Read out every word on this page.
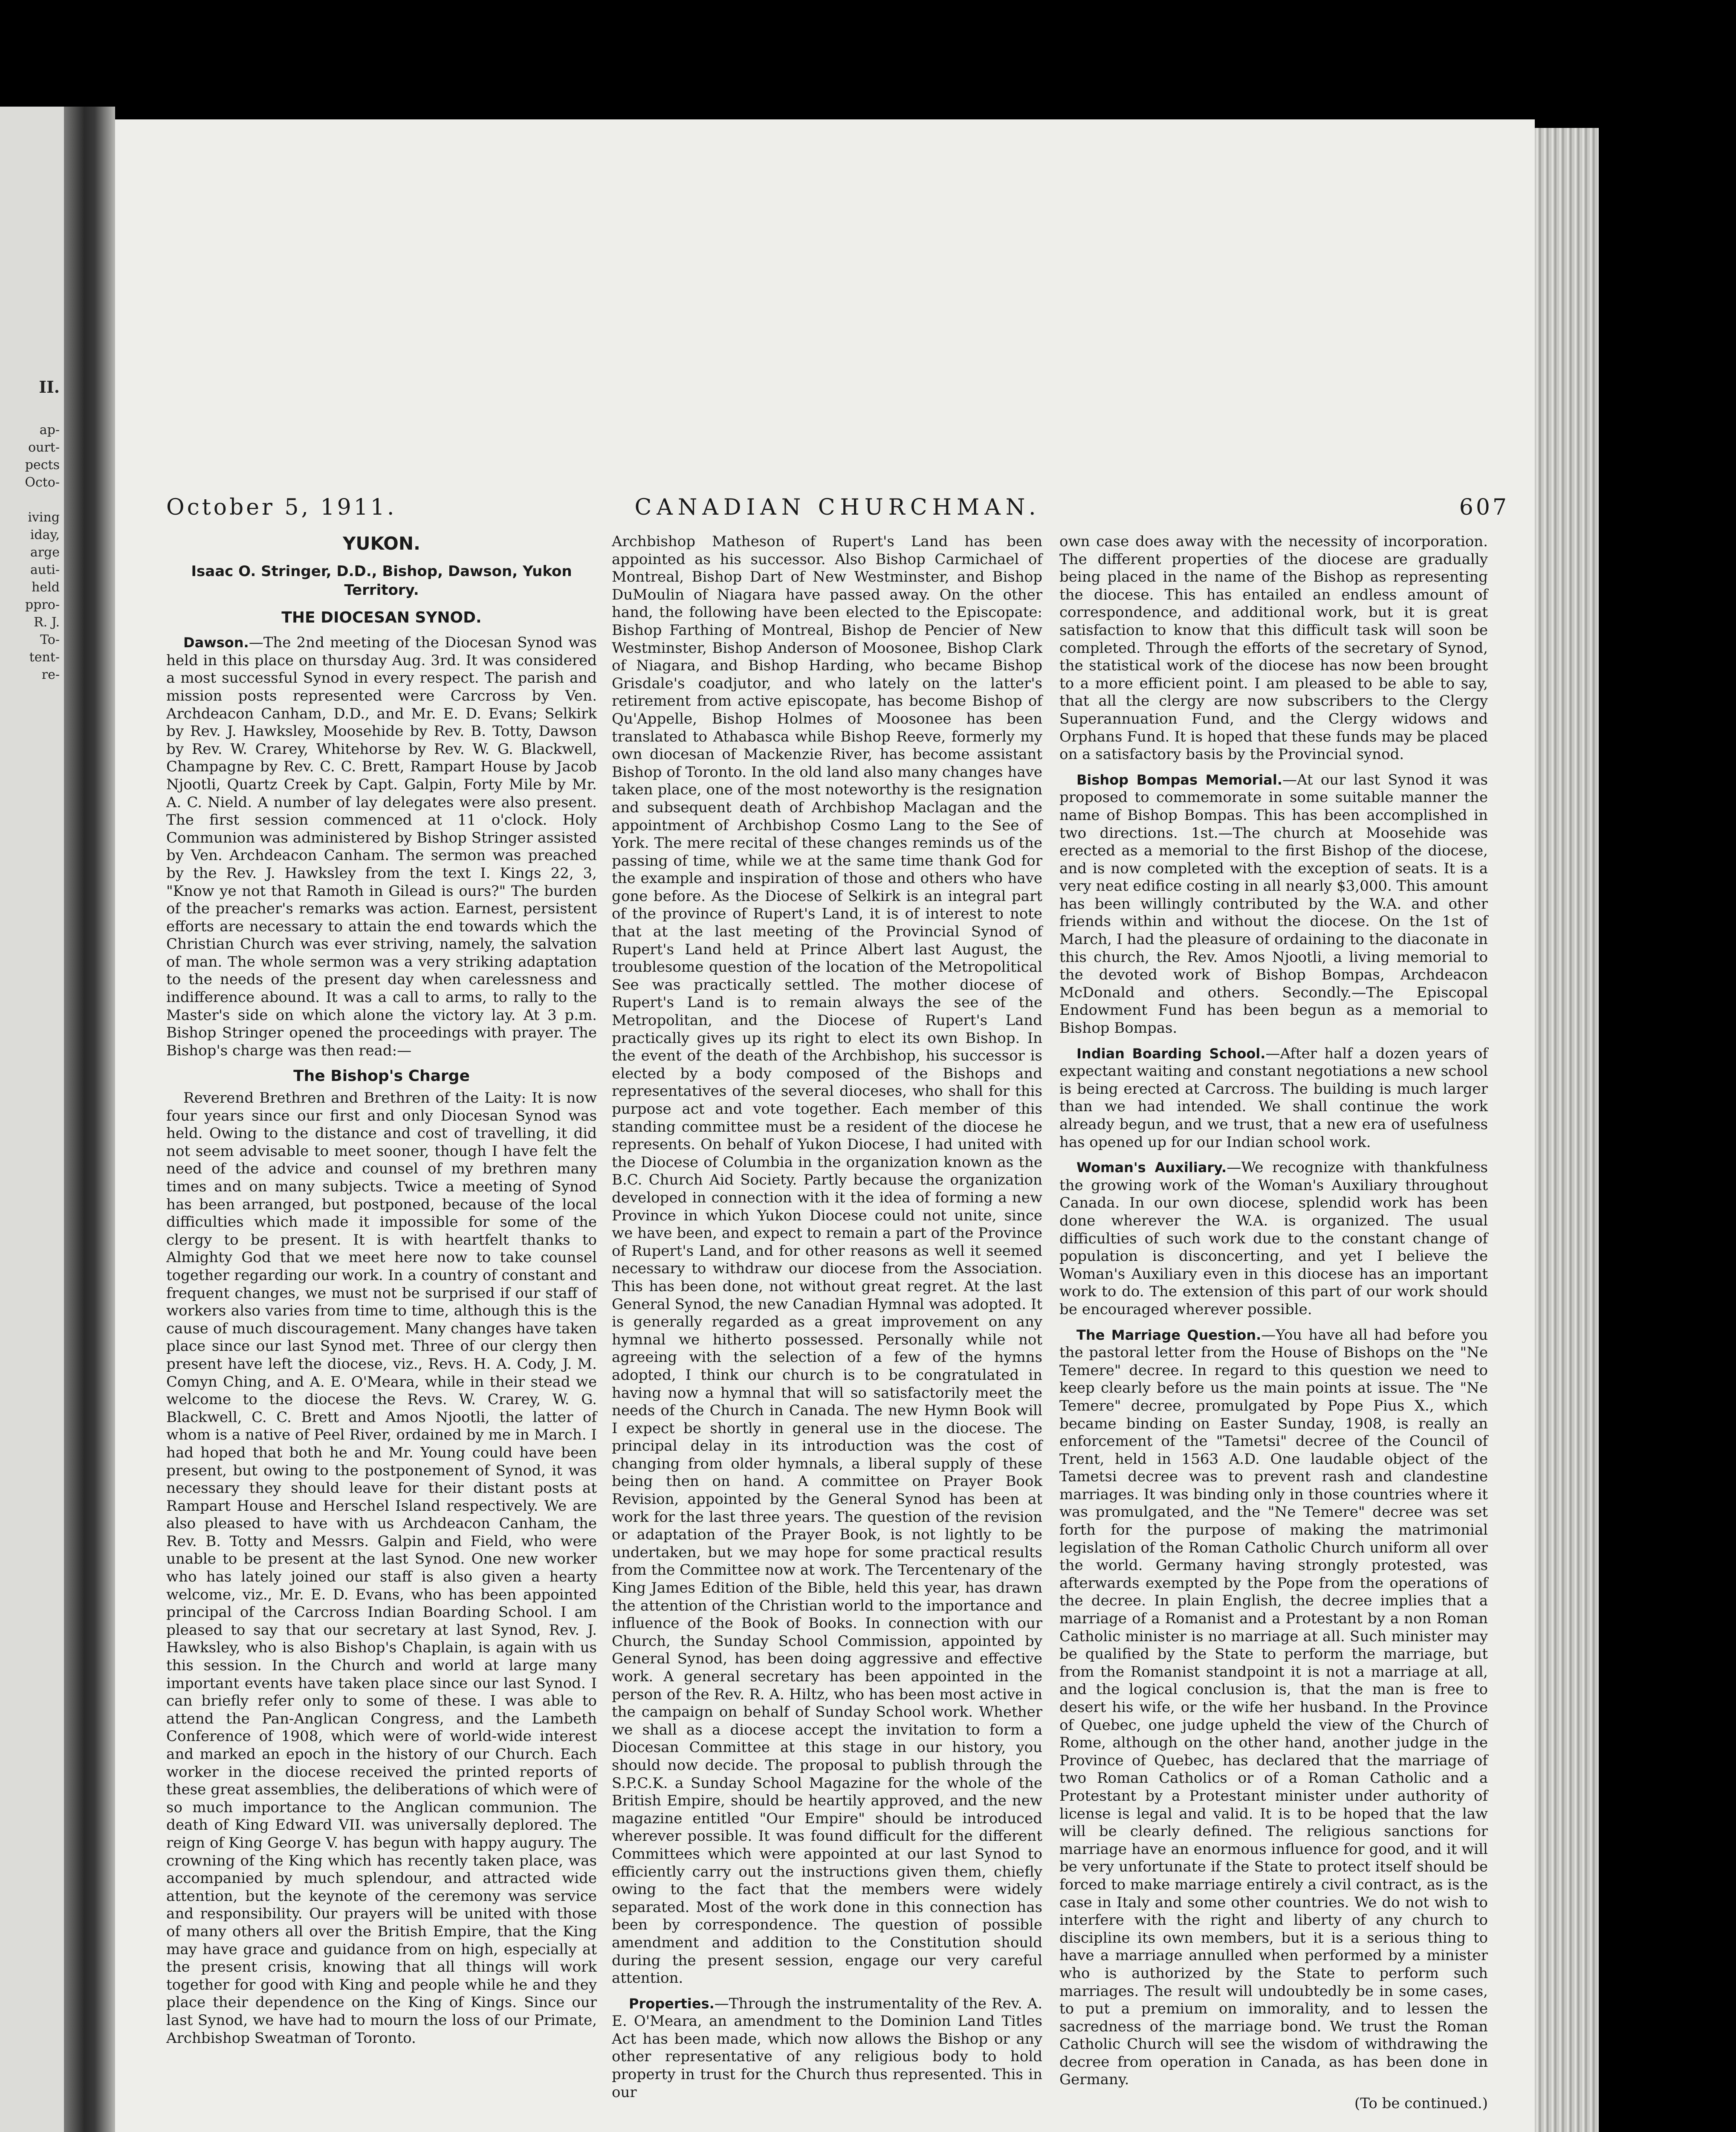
II.
ap-
ourt-
pects
Octo-
iving
iday,
arge
auti-
held
ppro-
R. J.
To-
tent-
re-
October 5, 1911.	CANADIAN CHURCHMAN.	607
YUKON.
Isaac O. Stringer, D.D., Bishop, Dawson, Yukon Territory.
THE DIOCESAN SYNOD.

Dawson.—The 2nd meeting of the Diocesan Synod was held in this place on thursday Aug. 3rd. It was considered a most successful Synod in every respect. The parish and mission posts represented were Carcross by Ven. Archdeacon Canham, D.D., and Mr. E. D. Evans; Selkirk by Rev. J. Hawksley, Moosehide by Rev. B. Totty, Dawson by Rev. W. Crarey, Whitehorse by Rev. W. G. Blackwell, Champagne by Rev. C. C. Brett, Rampart House by Jacob Njootli, Quartz Creek by Capt. Galpin, Forty Mile by Mr. A. C. Nield. A number of lay delegates were also present. The first session commenced at 11 o'clock. Holy Communion was administered by Bishop Stringer assisted by Ven. Archdeacon Canham. The sermon was preached by the Rev. J. Hawksley from the text I. Kings 22, 3, "Know ye not that Ramoth in Gilead is ours?" The burden of the preacher's remarks was action. Earnest, persistent efforts are necessary to attain the end towards which the Christian Church was ever striving, namely, the salvation of man. The whole sermon was a very striking adaptation to the needs of the present day when carelessness and indifference abound. It was a call to arms, to rally to the Master's side on which alone the victory lay. At 3 p.m. Bishop Stringer opened the proceedings with prayer. The Bishop's charge was then read:—

The Bishop's Charge

Reverend Brethren and Brethren of the Laity: It is now four years since our first and only Diocesan Synod was held. Owing to the distance and cost of travelling, it did not seem advisable to meet sooner, though I have felt the need of the advice and counsel of my brethren many times and on many subjects. Twice a meeting of Synod has been arranged, but postponed, because of the local difficulties which made it impossible for some of the clergy to be present. It is with heartfelt thanks to Almighty God that we meet here now to take counsel together regarding our work. In a country of constant and frequent changes, we must not be surprised if our staff of workers also varies from time to time, although this is the cause of much discouragement. Many changes have taken place since our last Synod met. Three of our clergy then present have left the diocese, viz., Revs. H. A. Cody, J. M. Comyn Ching, and A. E. O'Meara, while in their stead we welcome to the diocese the Revs. W. Crarey, W. G. Blackwell, C. C. Brett and Amos Njootli, the latter of whom is a native of Peel River, ordained by me in March. I had hoped that both he and Mr. Young could have been present, but owing to the postponement of Synod, it was necessary they should leave for their distant posts at Rampart House and Herschel Island respectively. We are also pleased to have with us Archdeacon Canham, the Rev. B. Totty and Messrs. Galpin and Field, who were unable to be present at the last Synod. One new worker who has lately joined our staff is also given a hearty welcome, viz., Mr. E. D. Evans, who has been appointed principal of the Carcross Indian Boarding School. I am pleased to say that our secretary at last Synod, Rev. J. Hawksley, who is also Bishop's Chaplain, is again with us this session. In the Church and world at large many important events have taken place since our last Synod. I can briefly refer only to some of these. I was able to attend the Pan-Anglican Congress, and the Lambeth Conference of 1908, which were of world-wide interest and marked an epoch in the history of our Church. Each worker in the diocese received the printed reports of these great assemblies, the deliberations of which were of so much importance to the Anglican communion. The death of King Edward VII. was universally deplored. The reign of King George V. has begun with happy augury. The crowning of the King which has recently taken place, was accompanied by much splendour, and attracted wide attention, but the keynote of the ceremony was service and responsibility. Our prayers will be united with those of many others all over the British Empire, that the King may have grace and guidance from on high, especially at the present crisis, knowing that all things will work together for good with King and people while he and they place their dependence on the King of Kings. Since our last Synod, we have had to mourn the loss of our Primate, Archbishop Sweatman of Toronto.

Archbishop Matheson of Rupert's Land has been appointed as his successor. Also Bishop Carmichael of Montreal, Bishop Dart of New Westminster, and Bishop DuMoulin of Niagara have passed away. On the other hand, the following have been elected to the Episcopate: Bishop Farthing of Montreal, Bishop de Pencier of New Westminster, Bishop Anderson of Moosonee, Bishop Clark of Niagara, and Bishop Harding, who became Bishop Grisdale's coadjutor, and who lately on the latter's retirement from active episcopate, has become Bishop of Qu'Appelle, Bishop Holmes of Moosonee has been translated to Athabasca while Bishop Reeve, formerly my own diocesan of Mackenzie River, has become assistant Bishop of Toronto. In the old land also many changes have taken place, one of the most noteworthy is the resignation and subsequent death of Archbishop Maclagan and the appointment of Archbishop Cosmo Lang to the See of York. The mere recital of these changes reminds us of the passing of time, while we at the same time thank God for the example and inspiration of those and others who have gone before. As the Diocese of Selkirk is an integral part of the province of Rupert's Land, it is of interest to note that at the last meeting of the Provincial Synod of Rupert's Land held at Prince Albert last August, the troublesome question of the location of the Metropolitical See was practically settled. The mother diocese of Rupert's Land is to remain always the see of the Metropolitan, and the Diocese of Rupert's Land practically gives up its right to elect its own Bishop. In the event of the death of the Archbishop, his successor is elected by a body composed of the Bishops and representatives of the several dioceses, who shall for this purpose act and vote together. Each member of this standing committee must be a resident of the diocese he represents. On behalf of Yukon Diocese, I had united with the Diocese of Columbia in the organization known as the B.C. Church Aid Society. Partly because the organization developed in connection with it the idea of forming a new Province in which Yukon Diocese could not unite, since we have been, and expect to remain a part of the Province of Rupert's Land, and for other reasons as well it seemed necessary to withdraw our diocese from the Association. This has been done, not without great regret. At the last General Synod, the new Canadian Hymnal was adopted. It is generally regarded as a great improvement on any hymnal we hitherto possessed. Personally while not agreeing with the selection of a few of the hymns adopted, I think our church is to be congratulated in having now a hymnal that will so satisfactorily meet the needs of the Church in Canada. The new Hymn Book will I expect be shortly in general use in the diocese. The principal delay in its introduction was the cost of changing from older hymnals, a liberal supply of these being then on hand. A committee on Prayer Book Revision, appointed by the General Synod has been at work for the last three years. The question of the revision or adaptation of the Prayer Book, is not lightly to be undertaken, but we may hope for some practical results from the Committee now at work. The Tercentenary of the King James Edition of the Bible, held this year, has drawn the attention of the Christian world to the importance and influence of the Book of Books. In connection with our Church, the Sunday School Commission, appointed by General Synod, has been doing aggressive and effective work. A general secretary has been appointed in the person of the Rev. R. A. Hiltz, who has been most active in the campaign on behalf of Sunday School work. Whether we shall as a diocese accept the invitation to form a Diocesan Committee at this stage in our history, you should now decide. The proposal to publish through the S.P.C.K. a Sunday School Magazine for the whole of the British Empire, should be heartily approved, and the new magazine entitled "Our Empire" should be introduced wherever possible. It was found difficult for the different Committees which were appointed at our last Synod to efficiently carry out the instructions given them, chiefly owing to the fact that the members were widely separated. Most of the work done in this connection has been by correspondence. The question of possible amendment and addition to the Constitution should during the present session, engage our very careful attention.

Properties.—Through the instrumentality of the Rev. A. E. O'Meara, an amendment to the Dominion Land Titles Act has been made, which now allows the Bishop or any other representative of any religious body to hold property in trust for the Church thus represented. This in our

own case does away with the necessity of incorporation. The different properties of the diocese are gradually being placed in the name of the Bishop as representing the diocese. This has entailed an endless amount of correspondence, and additional work, but it is great satisfaction to know that this difficult task will soon be completed. Through the efforts of the secretary of Synod, the statistical work of the diocese has now been brought to a more efficient point. I am pleased to be able to say, that all the clergy are now subscribers to the Clergy Superannuation Fund, and the Clergy widows and Orphans Fund. It is hoped that these funds may be placed on a satisfactory basis by the Provincial synod.

Bishop Bompas Memorial.—At our last Synod it was proposed to commemorate in some suitable manner the name of Bishop Bompas. This has been accomplished in two directions. 1st.—The church at Moosehide was erected as a memorial to the first Bishop of the diocese, and is now completed with the exception of seats. It is a very neat edifice costing in all nearly $3,000. This amount has been willingly contributed by the W.A. and other friends within and without the diocese. On the 1st of March, I had the pleasure of ordaining to the diaconate in this church, the Rev. Amos Njootli, a living memorial to the devoted work of Bishop Bompas, Archdeacon McDonald and others. Secondly.—The Episcopal Endowment Fund has been begun as a memorial to Bishop Bompas.

Indian Boarding School.—After half a dozen years of expectant waiting and constant negotiations a new school is being erected at Carcross. The building is much larger than we had intended. We shall continue the work already begun, and we trust, that a new era of usefulness has opened up for our Indian school work.

Woman's Auxiliary.—We recognize with thankfulness the growing work of the Woman's Auxiliary throughout Canada. In our own diocese, splendid work has been done wherever the W.A. is organized. The usual difficulties of such work due to the constant change of population is disconcerting, and yet I believe the Woman's Auxiliary even in this diocese has an important work to do. The extension of this part of our work should be encouraged wherever possible.

The Marriage Question.—You have all had before you the pastoral letter from the House of Bishops on the "Ne Temere" decree. In regard to this question we need to keep clearly before us the main points at issue. The "Ne Temere" decree, promulgated by Pope Pius X., which became binding on Easter Sunday, 1908, is really an enforcement of the "Tametsi" decree of the Council of Trent, held in 1563 A.D. One laudable object of the Tametsi decree was to prevent rash and clandestine marriages. It was binding only in those countries where it was promulgated, and the "Ne Temere" decree was set forth for the purpose of making the matrimonial legislation of the Roman Catholic Church uniform all over the world. Germany having strongly protested, was afterwards exempted by the Pope from the operations of the decree. In plain English, the decree implies that a marriage of a Romanist and a Protestant by a non Roman Catholic minister is no marriage at all. Such minister may be qualified by the State to perform the marriage, but from the Romanist standpoint it is not a marriage at all, and the logical conclusion is, that the man is free to desert his wife, or the wife her husband. In the Province of Quebec, one judge upheld the view of the Church of Rome, although on the other hand, another judge in the Province of Quebec, has declared that the marriage of two Roman Catholics or of a Roman Catholic and a Protestant by a Protestant minister under authority of license is legal and valid. It is to be hoped that the law will be clearly defined. The religious sanctions for marriage have an enormous influence for good, and it will be very unfortunate if the State to protect itself should be forced to make marriage entirely a civil contract, as is the case in Italy and some other countries. We do not wish to interfere with the right and liberty of any church to discipline its own members, but it is a serious thing to have a marriage annulled when performed by a minister who is authorized by the State to perform such marriages. The result will undoubtedly be in some cases, to put a premium on immorality, and to lessen the sacredness of the marriage bond. We trust the Roman Catholic Church will see the wisdom of withdrawing the decree from operation in Canada, as has been done in Germany.

(To be continued.)
